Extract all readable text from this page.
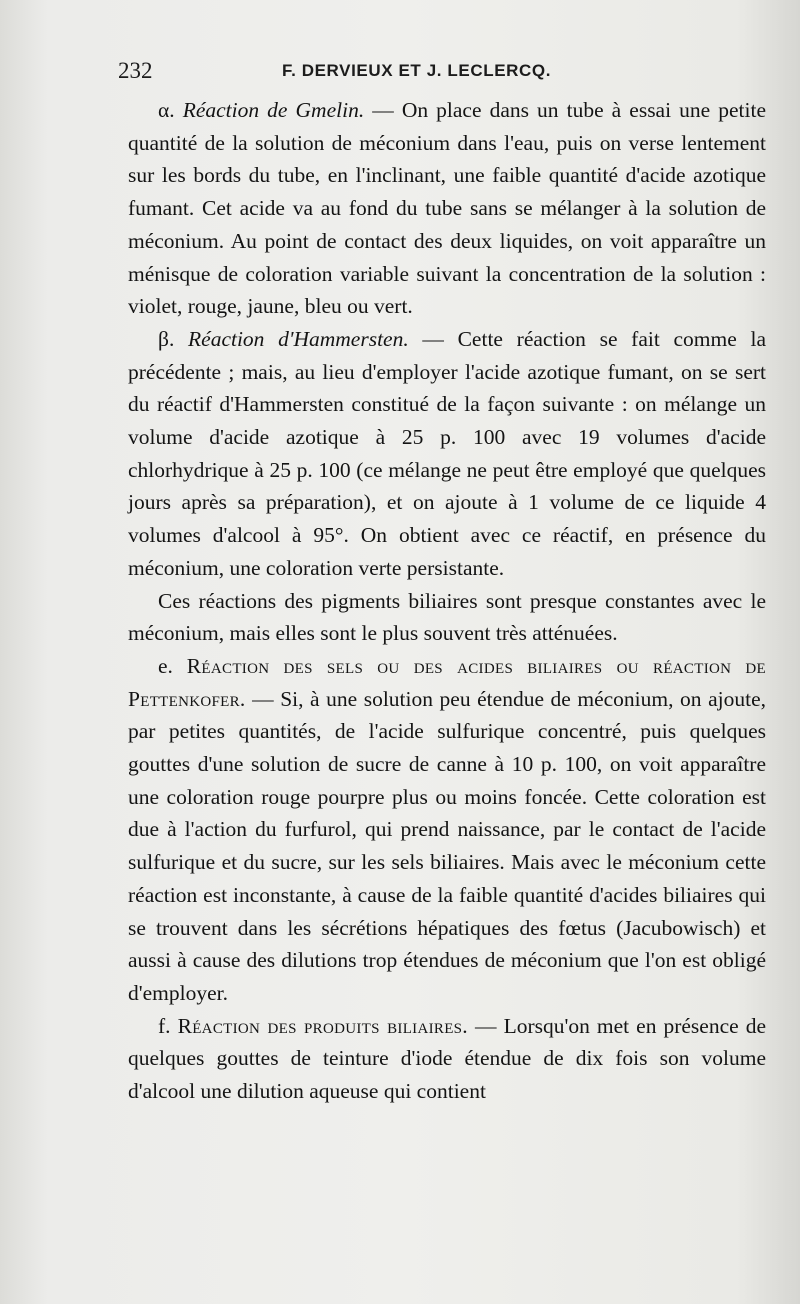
232	F. DERVIEUX ET J. LECLERCQ.

α. Réaction de Gmelin. — On place dans un tube à essai une petite quantité de la solution de méconium dans l'eau, puis on verse lentement sur les bords du tube, en l'inclinant, une faible quantité d'acide azotique fumant. Cet acide va au fond du tube sans se mélanger à la solution de méconium. Au point de contact des deux liquides, on voit apparaître un ménisque de coloration variable suivant la concentration de la solution : violet, rouge, jaune, bleu ou vert.

β. Réaction d'Hammersten. — Cette réaction se fait comme la précédente ; mais, au lieu d'employer l'acide azotique fumant, on se sert du réactif d'Hammersten constitué de la façon suivante : on mélange un volume d'acide azotique à 25 p. 100 avec 19 volumes d'acide chlorhydrique à 25 p. 100 (ce mélange ne peut être employé que quelques jours après sa préparation), et on ajoute à 1 volume de ce liquide 4 volumes d'alcool à 95°. On obtient avec ce réactif, en présence du méconium, une coloration verte persistante.

Ces réactions des pigments biliaires sont presque constantes avec le méconium, mais elles sont le plus souvent très atténuées.

e. Réaction des sels ou des acides biliaires ou réaction de Pettenkofer. — Si, à une solution peu étendue de méconium, on ajoute, par petites quantités, de l'acide sulfurique concentré, puis quelques gouttes d'une solution de sucre de canne à 10 p. 100, on voit apparaître une coloration rouge pourpre plus ou moins foncée. Cette coloration est due à l'action du furfurol, qui prend naissance, par le contact de l'acide sulfurique et du sucre, sur les sels biliaires. Mais avec le méconium cette réaction est inconstante, à cause de la faible quantité d'acides biliaires qui se trouvent dans les sécrétions hépatiques des fœtus (Jacubowisch) et aussi à cause des dilutions trop étendues de méconium que l'on est obligé d'employer.

f. Réaction des produits biliaires. — Lorsqu'on met en présence de quelques gouttes de teinture d'iode étendue de dix fois son volume d'alcool une dilution aqueuse qui contient
